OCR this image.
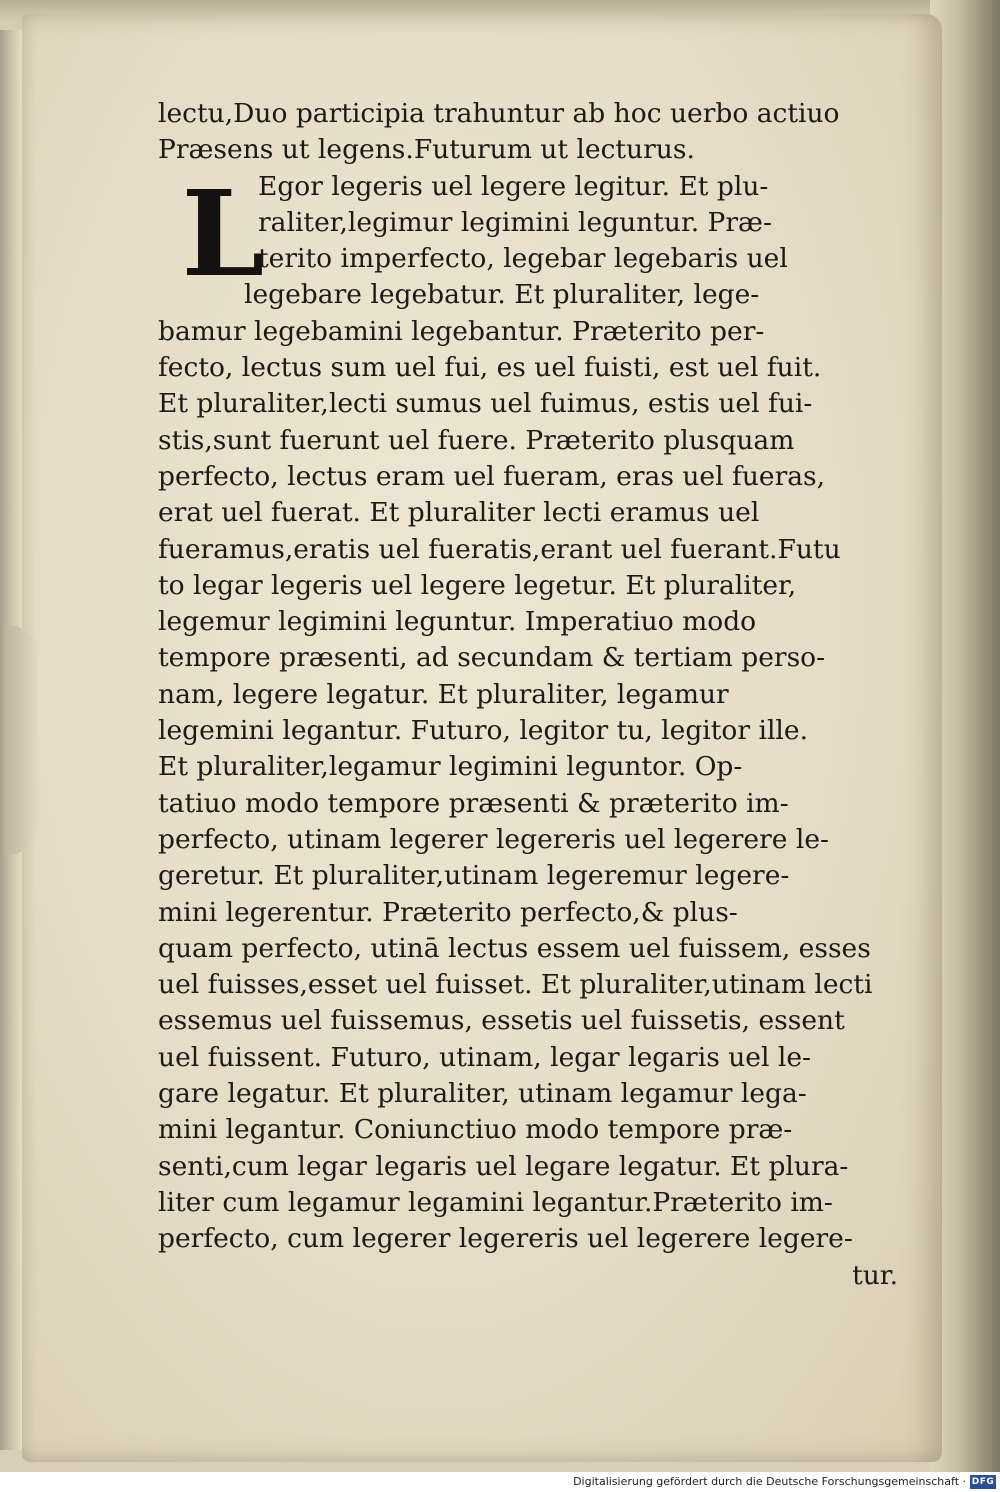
L
lectu,Duo participia trahuntur ab hoc uerbo actiuo
Præsens ut legens.Futurum ut lecturus.
Egor legeris uel legere legitur. Et plu-
raliter,legimur legimini leguntur. Præ-
terito imperfecto, legebar legebaris uel
legebare legebatur. Et pluraliter, lege-
bamur legebamini legebantur. Præterito per-
fecto, lectus sum uel fui, es uel fuisti, est uel fuit.
Et pluraliter,lecti sumus uel fuimus, estis uel fui-
stis,sunt fuerunt uel fuere. Præterito plusquam
perfecto, lectus eram uel fueram, eras uel fueras,
erat uel fuerat. Et pluraliter lecti eramus uel
fueramus,eratis uel fueratis,erant uel fuerant.Futu
to legar legeris uel legere legetur. Et pluraliter,
legemur legimini leguntur. Imperatiuo modo
tempore præsenti, ad secundam & tertiam perso-
nam, legere legatur. Et pluraliter, legamur
legemini legantur. Futuro, legitor tu, legitor ille.
Et pluraliter,legamur legimini leguntor. Op-
tatiuo modo tempore præsenti & præterito im-
perfecto, utinam legerer legereris uel legerere le-
geretur. Et pluraliter,utinam legeremur legere-
mini legerentur. Præterito perfecto,& plus-
quam perfecto, utinā lectus essem uel fuissem, esses
uel fuisses,esset uel fuisset. Et pluraliter,utinam lecti
essemus uel fuissemus, essetis uel fuissetis, essent
uel fuissent. Futuro, utinam, legar legaris uel le-
gare legatur. Et pluraliter, utinam legamur lega-
mini legantur. Coniunctiuo modo tempore præ-
senti,cum legar legaris uel legare legatur. Et plura-
liter cum legamur legamini legantur.Præterito im-
perfecto, cum legerer legereris uel legerere legere-
tur.
Digitalisierung gefördert durch die Deutsche Forschungsgemeinschaft · DFG
